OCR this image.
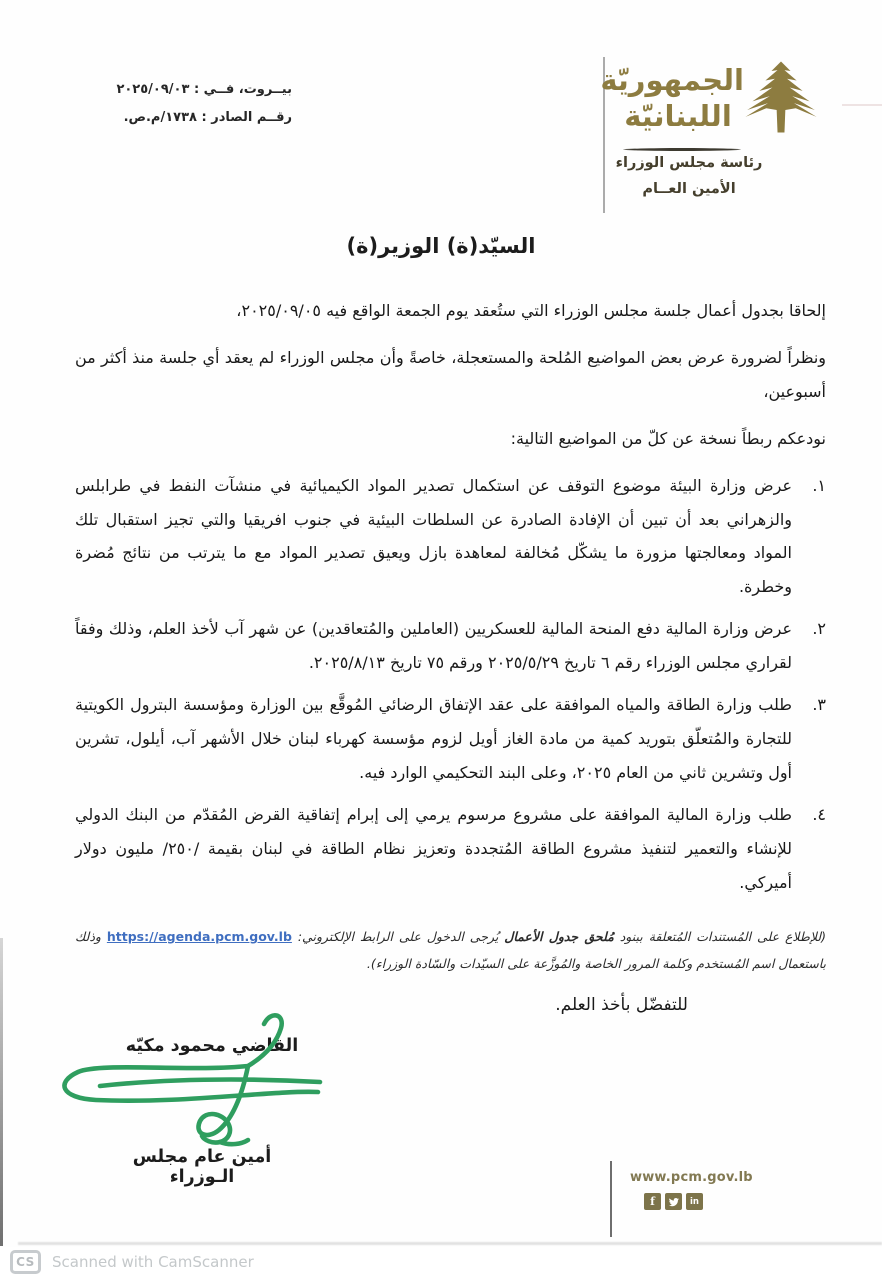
الجمهوريّة
اللبنانيّة
رئاسة مجلس الوزراء
الأمين العــام
بيــروت، فــي : ٢٠٢٥/٠٩/٠٣
رقــم الصادر : ١٧٣٨/م.ص.
السيّد(ة) الوزير(ة)

إلحاقا بجدول أعمال جلسة مجلس الوزراء التي ستُعقد يوم الجمعة الواقع فيه ٢٠٢٥/٠٩/٠٥،

ونظراً لضرورة عرض بعض المواضيع المُلحة والمستعجلة، خاصةً وأن مجلس الوزراء لم يعقد أي جلسة منذ أكثر من أسبوعين،

نودعكم ربطاً نسخة عن كلّ من المواضيع التالية:

١.
عرض وزارة البيئة موضوع التوقف عن استكمال تصدير المواد الكيميائية في منشآت النفط في طرابلس والزهراني بعد أن تبين أن الإفادة الصادرة عن السلطات البيئية في جنوب افريقيا والتي تجيز استقبال تلك المواد ومعالجتها مزورة ما يشكّل مُخالفة لمعاهدة بازل ويعيق تصدير المواد مع ما يترتب من نتائج مُضرة وخطرة.
٢.
عرض وزارة المالية دفع المنحة المالية للعسكريين (العاملين والمُتعاقدين) عن شهر آب لأخذ العلم، وذلك وفقاً لقراري مجلس الوزراء رقم ٦ تاريخ ٢٠٢٥/٥/٢٩ ورقم ٧٥ تاريخ ٢٠٢٥/٨/١٣.
٣.
طلب وزارة الطاقة والمياه الموافقة على عقد الإتفاق الرضائي المُوقَّع بين الوزارة ومؤسسة البترول الكويتية للتجارة والمُتعلّق بتوريد كمية من مادة الغاز أويل لزوم مؤسسة كهرباء لبنان خلال الأشهر آب، أيلول، تشرين أول وتشرين ثاني من العام ٢٠٢٥، وعلى البند التحكيمي الوارد فيه.
٤.
طلب وزارة المالية الموافقة على مشروع مرسوم يرمي إلى إبرام إتفاقية القرض المُقدّم من البنك الدولي للإنشاء والتعمير لتنفيذ مشروع الطاقة المُتجددة وتعزيز نظام الطاقة في لبنان بقيمة /٢٥٠/ مليون دولار أميركي.
(للإطلاع على المُستندات المُتعلقة ببنود مُلحق جدول الأعمال يُرجى الدخول على الرابط الإلكتروني: https://agenda.pcm.gov.lb وذلك باستعمال اسم المُستخدم وكلمة المرور الخاصة والمُوزَّعة على السيّدات والسّادة الوزراء).
للتفضّل بأخذ العلم.
القاضي محمود مكيّه
أمين عام مجلس الـوزراء	www.pcm.gov.lb
f	in
CS	Scanned with CamScanner
